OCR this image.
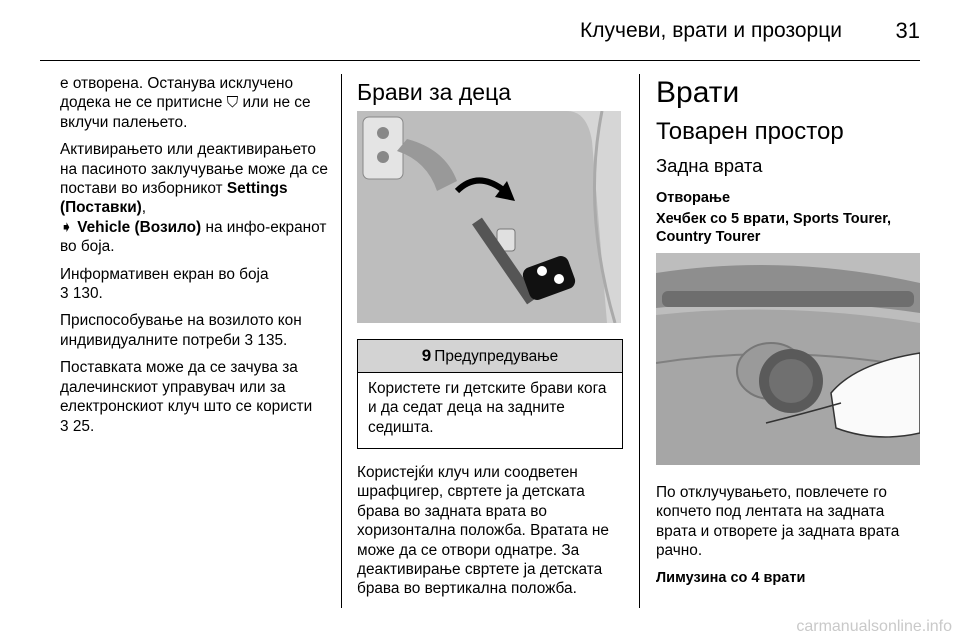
Клучеви, врати и прозорци 31

е отворена. Останува исклучено додека не се притисне ⛉ или не се вклучи палењето.

Активирањето или деактивирањето на пасиното заклучување може да се постави во изборникот Settings (Поставки),
➧ Vehicle (Возило) на инфо-екранот во боја.

Информативен екран во боја
3 130.

Приспособување на возилото кон индивидуалните потреби 3 135.

Поставката може да се зачува за далечинскиот управувач или за електронскиот клуч што се користи
3 25.

Брави за деца
9 Предупредување
Користете ги детските брави кога и да седат деца на задните седишта.

Користејќи клуч или соодветен шрафцигер, свртете ја детската брава во задната врата во хоризонтална положба. Вратата не може да се отвори однатре. За деактивирање свртете ја детската брава во вертикална положба.

Врати
Товарен простор
Задна врата
Отворање
Хечбек со 5 врати, Sports Tourer, Country Tourer

По отклучувањето, повлечете го копчето под лентата на задната врата и отворете ја задната врата рачно.

Лимузина со 4 врати
carmanualsonline.info
